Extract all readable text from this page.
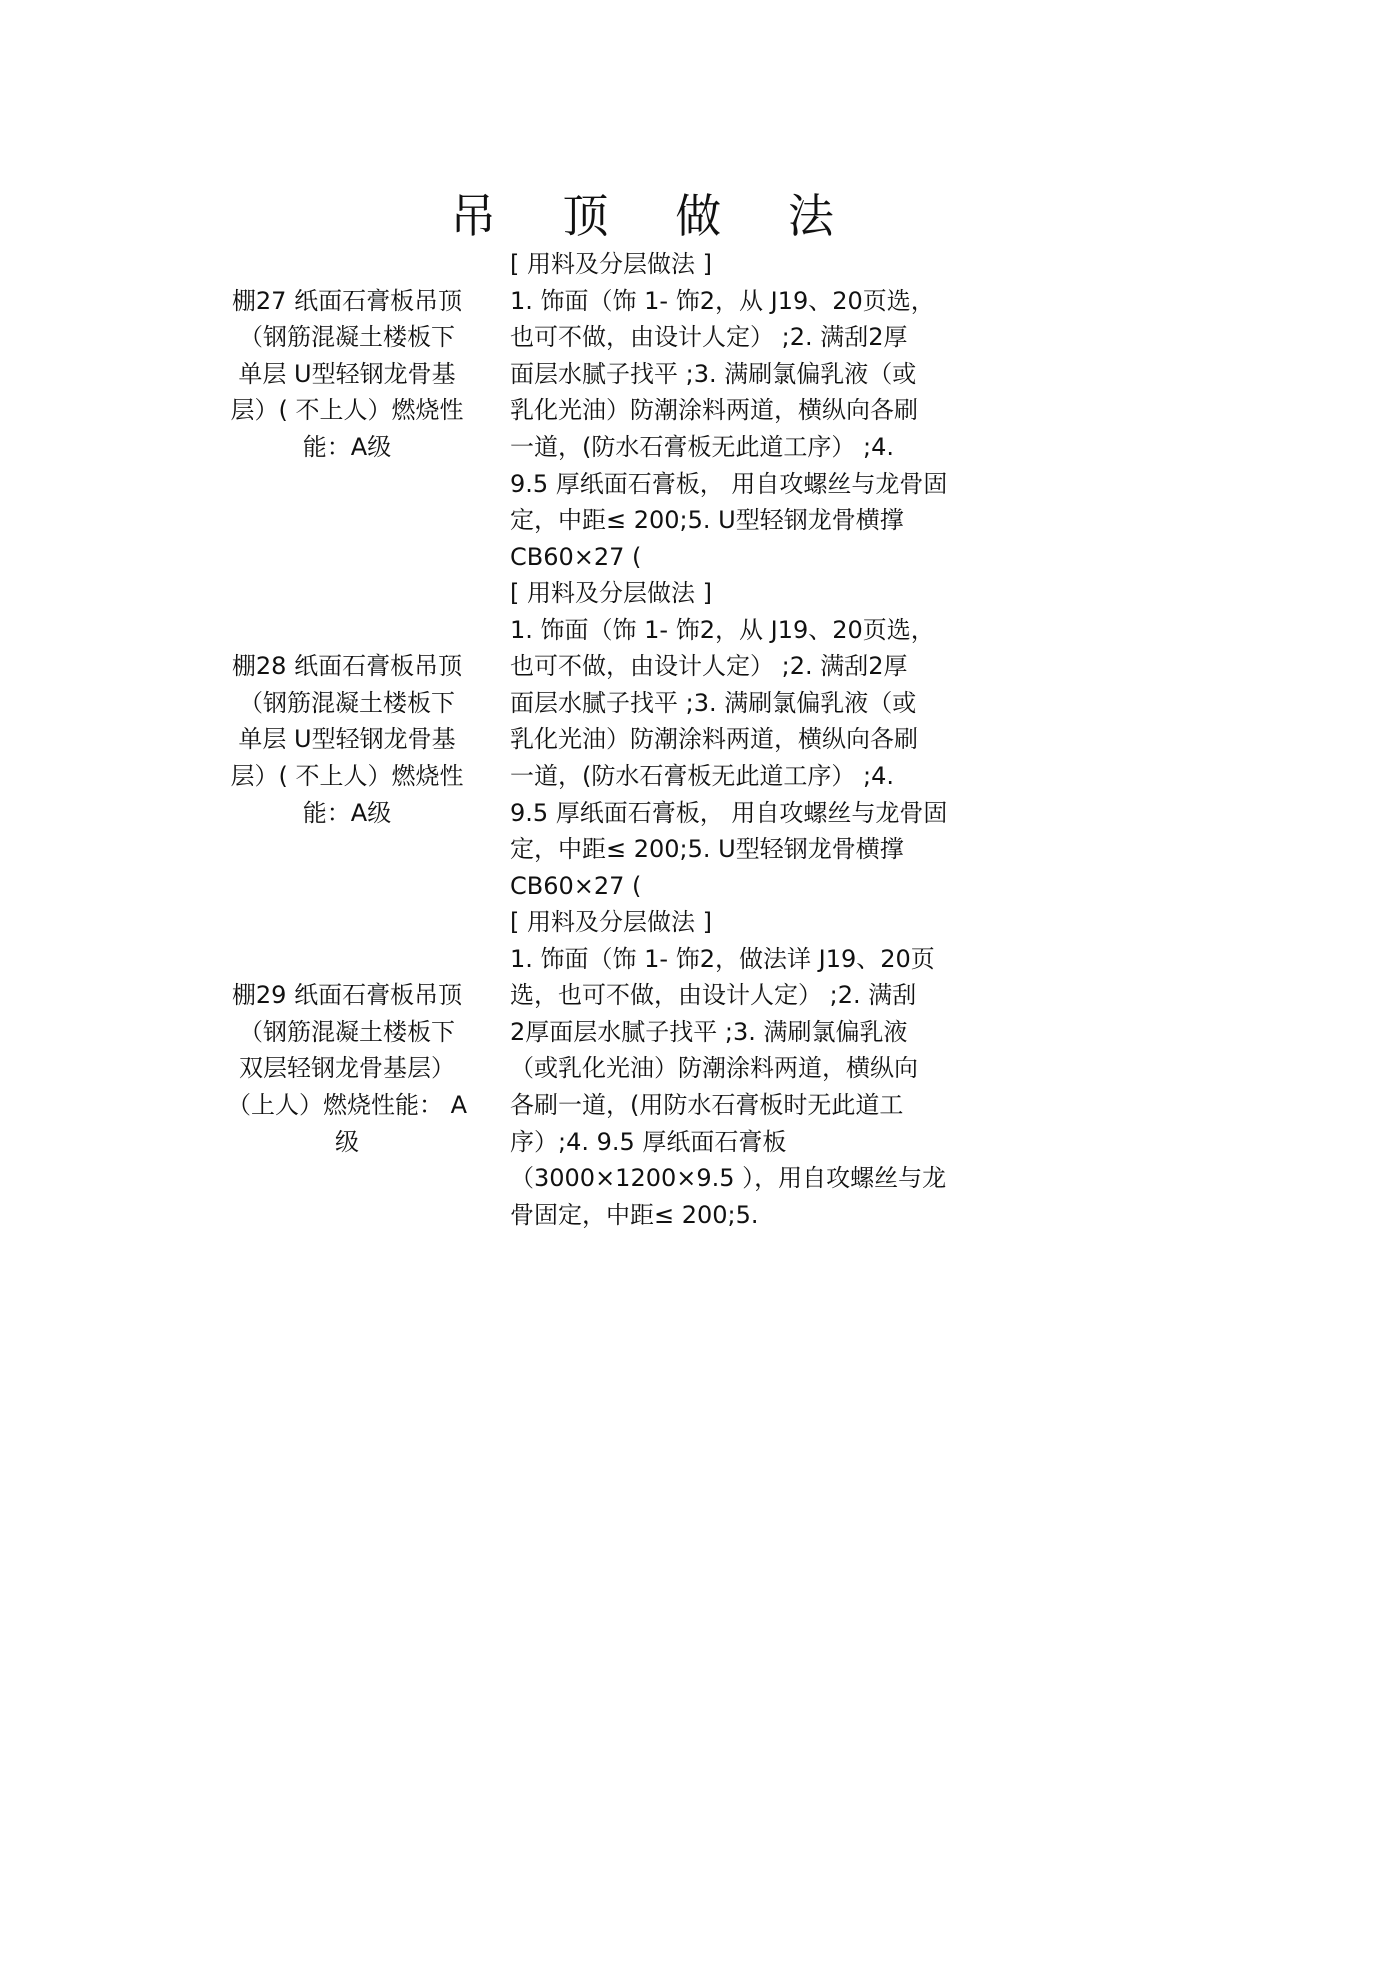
吊 顶 做 法
棚27 纸面石膏板吊顶
（钢筋混凝土楼板下
单层 U型轻钢龙骨基
层）( 不上人）燃烧性
能：A级
[ 用料及分层做法 ]
1. 饰面（饰 1- 饰2，从 J19、20页选，
也可不做，由设计人定） ;2. 满刮2厚
面层水腻子找平 ;3. 满刷氯偏乳液（或
乳化光油）防潮涂料两道，横纵向各刷
一道，(防水石膏板无此道工序） ;4.
9.5 厚纸面石膏板， 用自攻螺丝与龙骨固
定，中距≤ 200;5. U型轻钢龙骨横撑
CB60×27 (
棚28 纸面石膏板吊顶
（钢筋混凝土楼板下
单层 U型轻钢龙骨基
层）( 不上人）燃烧性
能：A级
[ 用料及分层做法 ]
1. 饰面（饰 1- 饰2，从 J19、20页选，
也可不做，由设计人定） ;2. 满刮2厚
面层水腻子找平 ;3. 满刷氯偏乳液（或
乳化光油）防潮涂料两道，横纵向各刷
一道，(防水石膏板无此道工序） ;4.
9.5 厚纸面石膏板， 用自攻螺丝与龙骨固
定，中距≤ 200;5. U型轻钢龙骨横撑
CB60×27 (
棚29 纸面石膏板吊顶
（钢筋混凝土楼板下
双层轻钢龙骨基层）
（上人）燃烧性能： A
级
[ 用料及分层做法 ]
1. 饰面（饰 1- 饰2，做法详 J19、20页
选，也可不做，由设计人定） ;2. 满刮
2厚面层水腻子找平 ;3. 满刷氯偏乳液
（或乳化光油）防潮涂料两道，横纵向
各刷一道，(用防水石膏板时无此道工
序）;4. 9.5 厚纸面石膏板
（3000×1200×9.5 ），用自攻螺丝与龙
骨固定，中距≤ 200;5.
